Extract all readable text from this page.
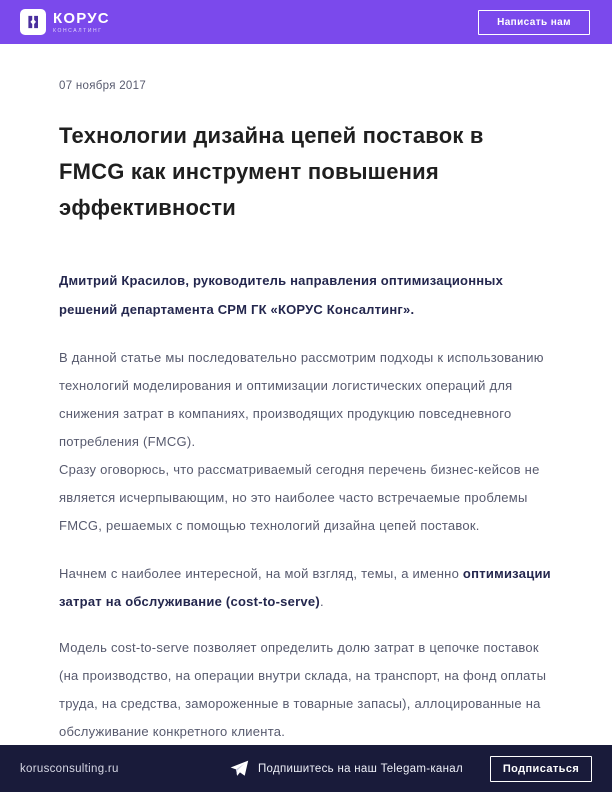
КОРУС
КОНСАЛТИНГ
Написать нам
07 ноября 2017
Технологии дизайна цепей поставок в FMCG как инструмент повышения эффективности
Дмитрий Красилов, руководитель направления оптимизационных решений департамента CPM ГК «КОРУС Консалтинг».

В данной статье мы последовательно рассмотрим подходы к использованию технологий моделирования и оптимизации логистических операций для снижения затрат в компаниях, производящих продукцию повседневного потребления (FMCG).

Сразу оговорюсь, что рассматриваемый сегодня перечень бизнес-кейсов не является исчерпывающим, но это наиболее часто встречаемые проблемы FMCG, решаемых с помощью технологий дизайна цепей поставок.

Начнем с наиболее интересной, на мой взгляд, темы, а именно оптимизации затрат на обслуживание (cost-to-serve).

Модель cost-to-serve позволяет определить долю затрат в цепочке поставок (на производство, на операции внутри склада, на транспорт, на фонд оплаты труда, на средства, замороженные в товарные запасы), аллоцированные на обслуживание конкретного клиента.

korusconsulting.ru	Подпишитесь на наш Telegam-канал	Подписаться
